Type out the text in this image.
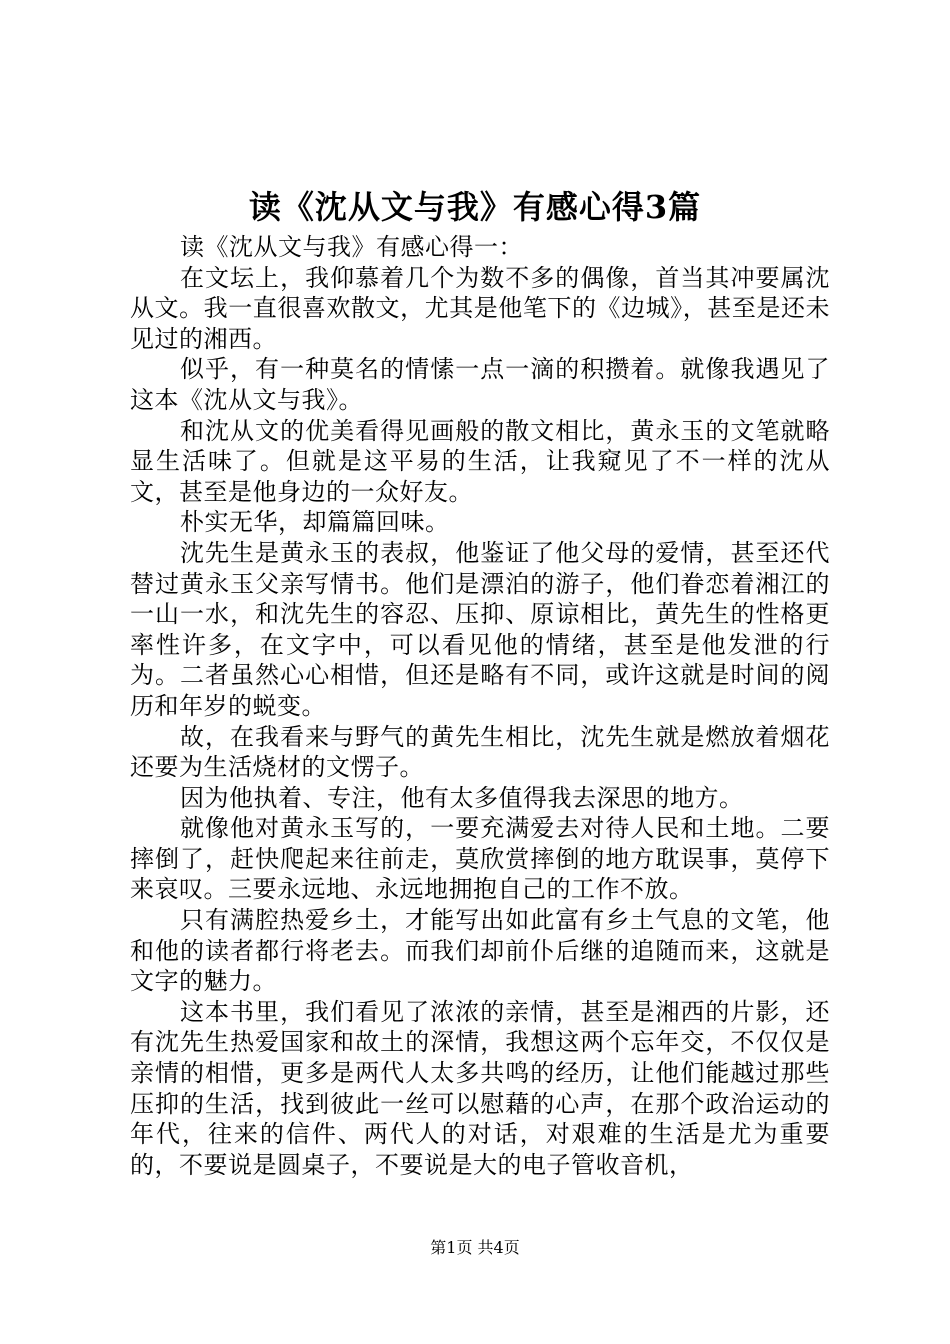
读《沈从文与我》有感心得3篇

读《沈从文与我》有感心得一：

在文坛上，我仰慕着几个为数不多的偶像，首当其冲要属沈从文。我一直很喜欢散文，尤其是他笔下的《边城》，甚至是还未见过的湘西。

似乎，有一种莫名的情愫一点一滴的积攒着。就像我遇见了这本《沈从文与我》。

和沈从文的优美看得见画般的散文相比，黄永玉的文笔就略显生活味了。但就是这平易的生活，让我窥见了不一样的沈从文，甚至是他身边的一众好友。

朴实无华，却篇篇回味。

沈先生是黄永玉的表叔，他鉴证了他父母的爱情，甚至还代替过黄永玉父亲写情书。他们是漂泊的游子，他们眷恋着湘江的一山一水，和沈先生的容忍、压抑、原谅相比，黄先生的性格更率性许多，在文字中，可以看见他的情绪，甚至是他发泄的行为。二者虽然心心相惜，但还是略有不同，或许这就是时间的阅历和年岁的蜕变。

故，在我看来与野气的黄先生相比，沈先生就是燃放着烟花还要为生活烧材的文愣子。

因为他执着、专注，他有太多值得我去深思的地方。

就像他对黄永玉写的，一要充满爱去对待人民和土地。二要摔倒了，赶快爬起来往前走，莫欣赏摔倒的地方耽误事，莫停下来哀叹。三要永远地、永远地拥抱自己的工作不放。

只有满腔热爱乡土，才能写出如此富有乡土气息的文笔，他和他的读者都行将老去。而我们却前仆后继的追随而来，这就是文字的魅力。

这本书里，我们看见了浓浓的亲情，甚至是湘西的片影，还有沈先生热爱国家和故土的深情，我想这两个忘年交，不仅仅是亲情的相惜，更多是两代人太多共鸣的经历，让他们能越过那些压抑的生活，找到彼此一丝可以慰藉的心声，在那个政治运动的年代，往来的信件、两代人的对话，对艰难的生活是尤为重要的，不要说是圆桌子，不要说是大的电子管收音机，

第1页 共4页
